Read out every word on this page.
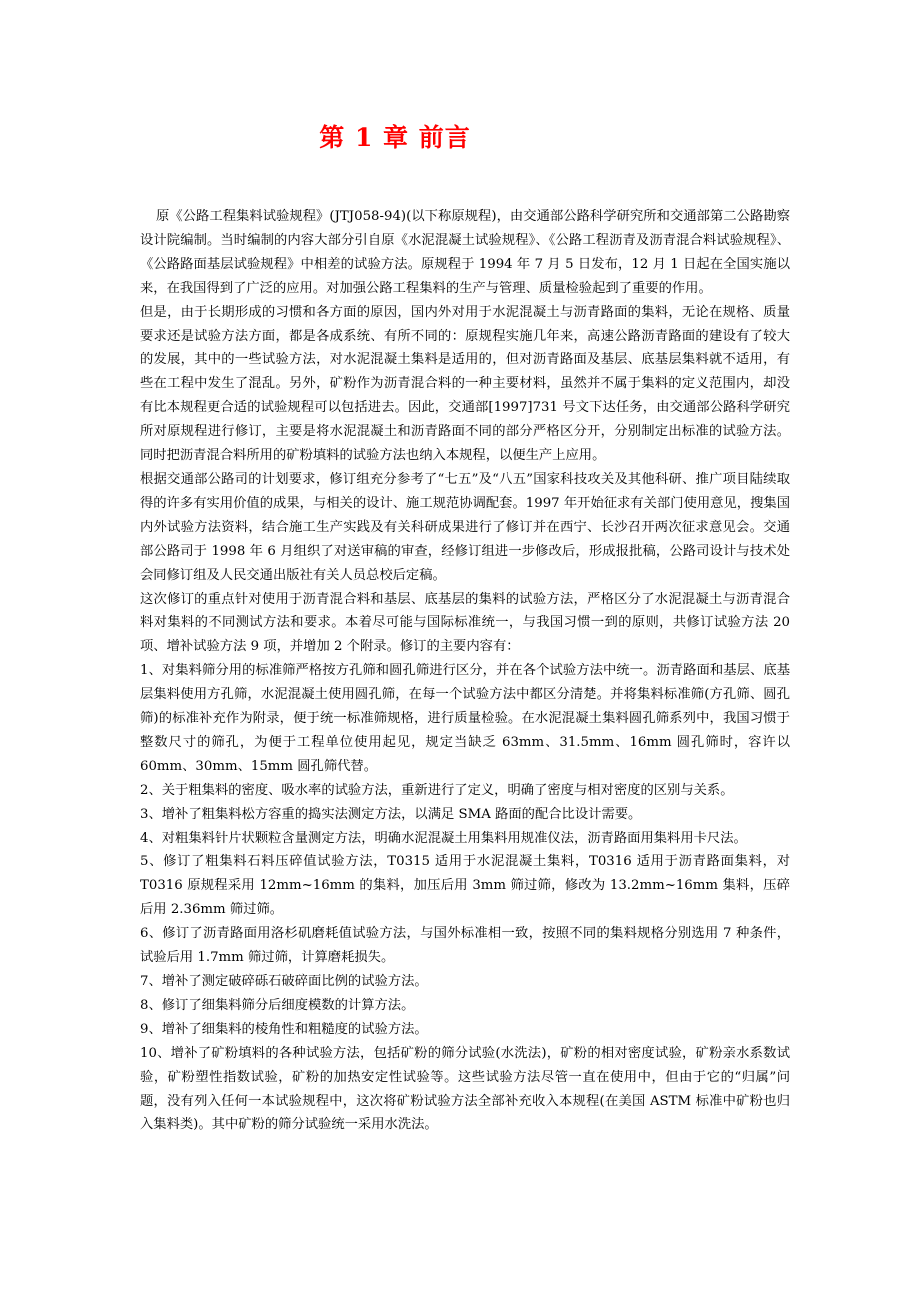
第 1 章 前言

原《公路工程集料试验规程》(JTJ058-94)(以下称原规程)，由交通部公路科学研究所和交通部第二公路勘察设计院编制。当时编制的内容大部分引自原《水泥混凝土试验规程》、《公路工程沥青及沥青混合料试验规程》、《公路路面基层试验规程》中相差的试验方法。原规程于 1994 年 7 月 5 日发布，12 月 1 日起在全国实施以来，在我国得到了广泛的应用。对加强公路工程集料的生产与管理、质量检验起到了重要的作用。

但是，由于长期形成的习惯和各方面的原因，国内外对用于水泥混凝土与沥青路面的集料，无论在规格、质量要求还是试验方法方面，都是各成系统、有所不同的：原规程实施几年来，高速公路沥青路面的建设有了较大的发展，其中的一些试验方法，对水泥混凝土集料是适用的，但对沥青路面及基层、底基层集料就不适用，有些在工程中发生了混乱。另外，矿粉作为沥青混合料的一种主要材料，虽然并不属于集料的定义范围内，却没有比本规程更合适的试验规程可以包括进去。因此，交通部[1997]731 号文下达任务，由交通部公路科学研究所对原规程进行修订，主要是将水泥混凝土和沥青路面不同的部分严格区分开，分别制定出标准的试验方法。同时把沥青混合料所用的矿粉填料的试验方法也纳入本规程，以便生产上应用。

根据交通部公路司的计划要求，修订组充分参考了“七五”及“八五”国家科技攻关及其他科研、推广项目陆续取得的许多有实用价值的成果，与相关的设计、施工规范协调配套。1997 年开始征求有关部门使用意见，搜集国内外试验方法资料，结合施工生产实践及有关科研成果进行了修订并在西宁、长沙召开两次征求意见会。交通部公路司于 1998 年 6 月组织了对送审稿的审查，经修订组进一步修改后，形成报批稿，公路司设计与技术处会同修订组及人民交通出版社有关人员总校后定稿。

这次修订的重点针对使用于沥青混合料和基层、底基层的集料的试验方法，严格区分了水泥混凝土与沥青混合料对集料的不同测试方法和要求。本着尽可能与国际标准统一，与我国习惯一到的原则，共修订试验方法 20 项、增补试验方法 9 项，并增加 2 个附录。修订的主要内容有：

1、对集料筛分用的标准筛严格按方孔筛和圆孔筛进行区分，并在各个试验方法中统一。沥青路面和基层、底基层集料使用方孔筛，水泥混凝土使用圆孔筛，在每一个试验方法中都区分清楚。并将集料标准筛(方孔筛、圆孔筛)的标准补充作为附录，便于统一标准筛规格，进行质量检验。在水泥混凝土集料圆孔筛系列中，我国习惯于整数尺寸的筛孔，为便于工程单位使用起见，规定当缺乏 63mm、31.5mm、16mm 圆孔筛时，容许以 60mm、30mm、15mm 圆孔筛代替。

2、关于粗集料的密度、吸水率的试验方法，重新进行了定义，明确了密度与相对密度的区别与关系。

3、增补了粗集料松方容重的捣实法测定方法，以满足 SMA 路面的配合比设计需要。

4、对粗集料针片状颗粒含量测定方法，明确水泥混凝土用集料用规准仪法，沥青路面用集料用卡尺法。

5、修订了粗集料石料压碎值试验方法，T0315 适用于水泥混凝土集料，T0316 适用于沥青路面集料，对 T0316 原规程采用 12mm~16mm 的集料，加压后用 3mm 筛过筛，修改为 13.2mm~16mm 集料，压碎后用 2.36mm 筛过筛。

6、修订了沥青路面用洛杉矶磨耗值试验方法，与国外标准相一致，按照不同的集料规格分别选用 7 种条件，试验后用 1.7mm 筛过筛，计算磨耗损失。

7、增补了测定破碎砾石破碎面比例的试验方法。

8、修订了细集料筛分后细度模数的计算方法。

9、增补了细集料的棱角性和粗糙度的试验方法。

10、增补了矿粉填料的各种试验方法，包括矿粉的筛分试验(水洗法)，矿粉的相对密度试验，矿粉亲水系数试验，矿粉塑性指数试验，矿粉的加热安定性试验等。这些试验方法尽管一直在使用中，但由于它的“归属”问题，没有列入任何一本试验规程中，这次将矿粉试验方法全部补充收入本规程(在美国 ASTM 标准中矿粉也归入集料类)。其中矿粉的筛分试验统一采用水洗法。
